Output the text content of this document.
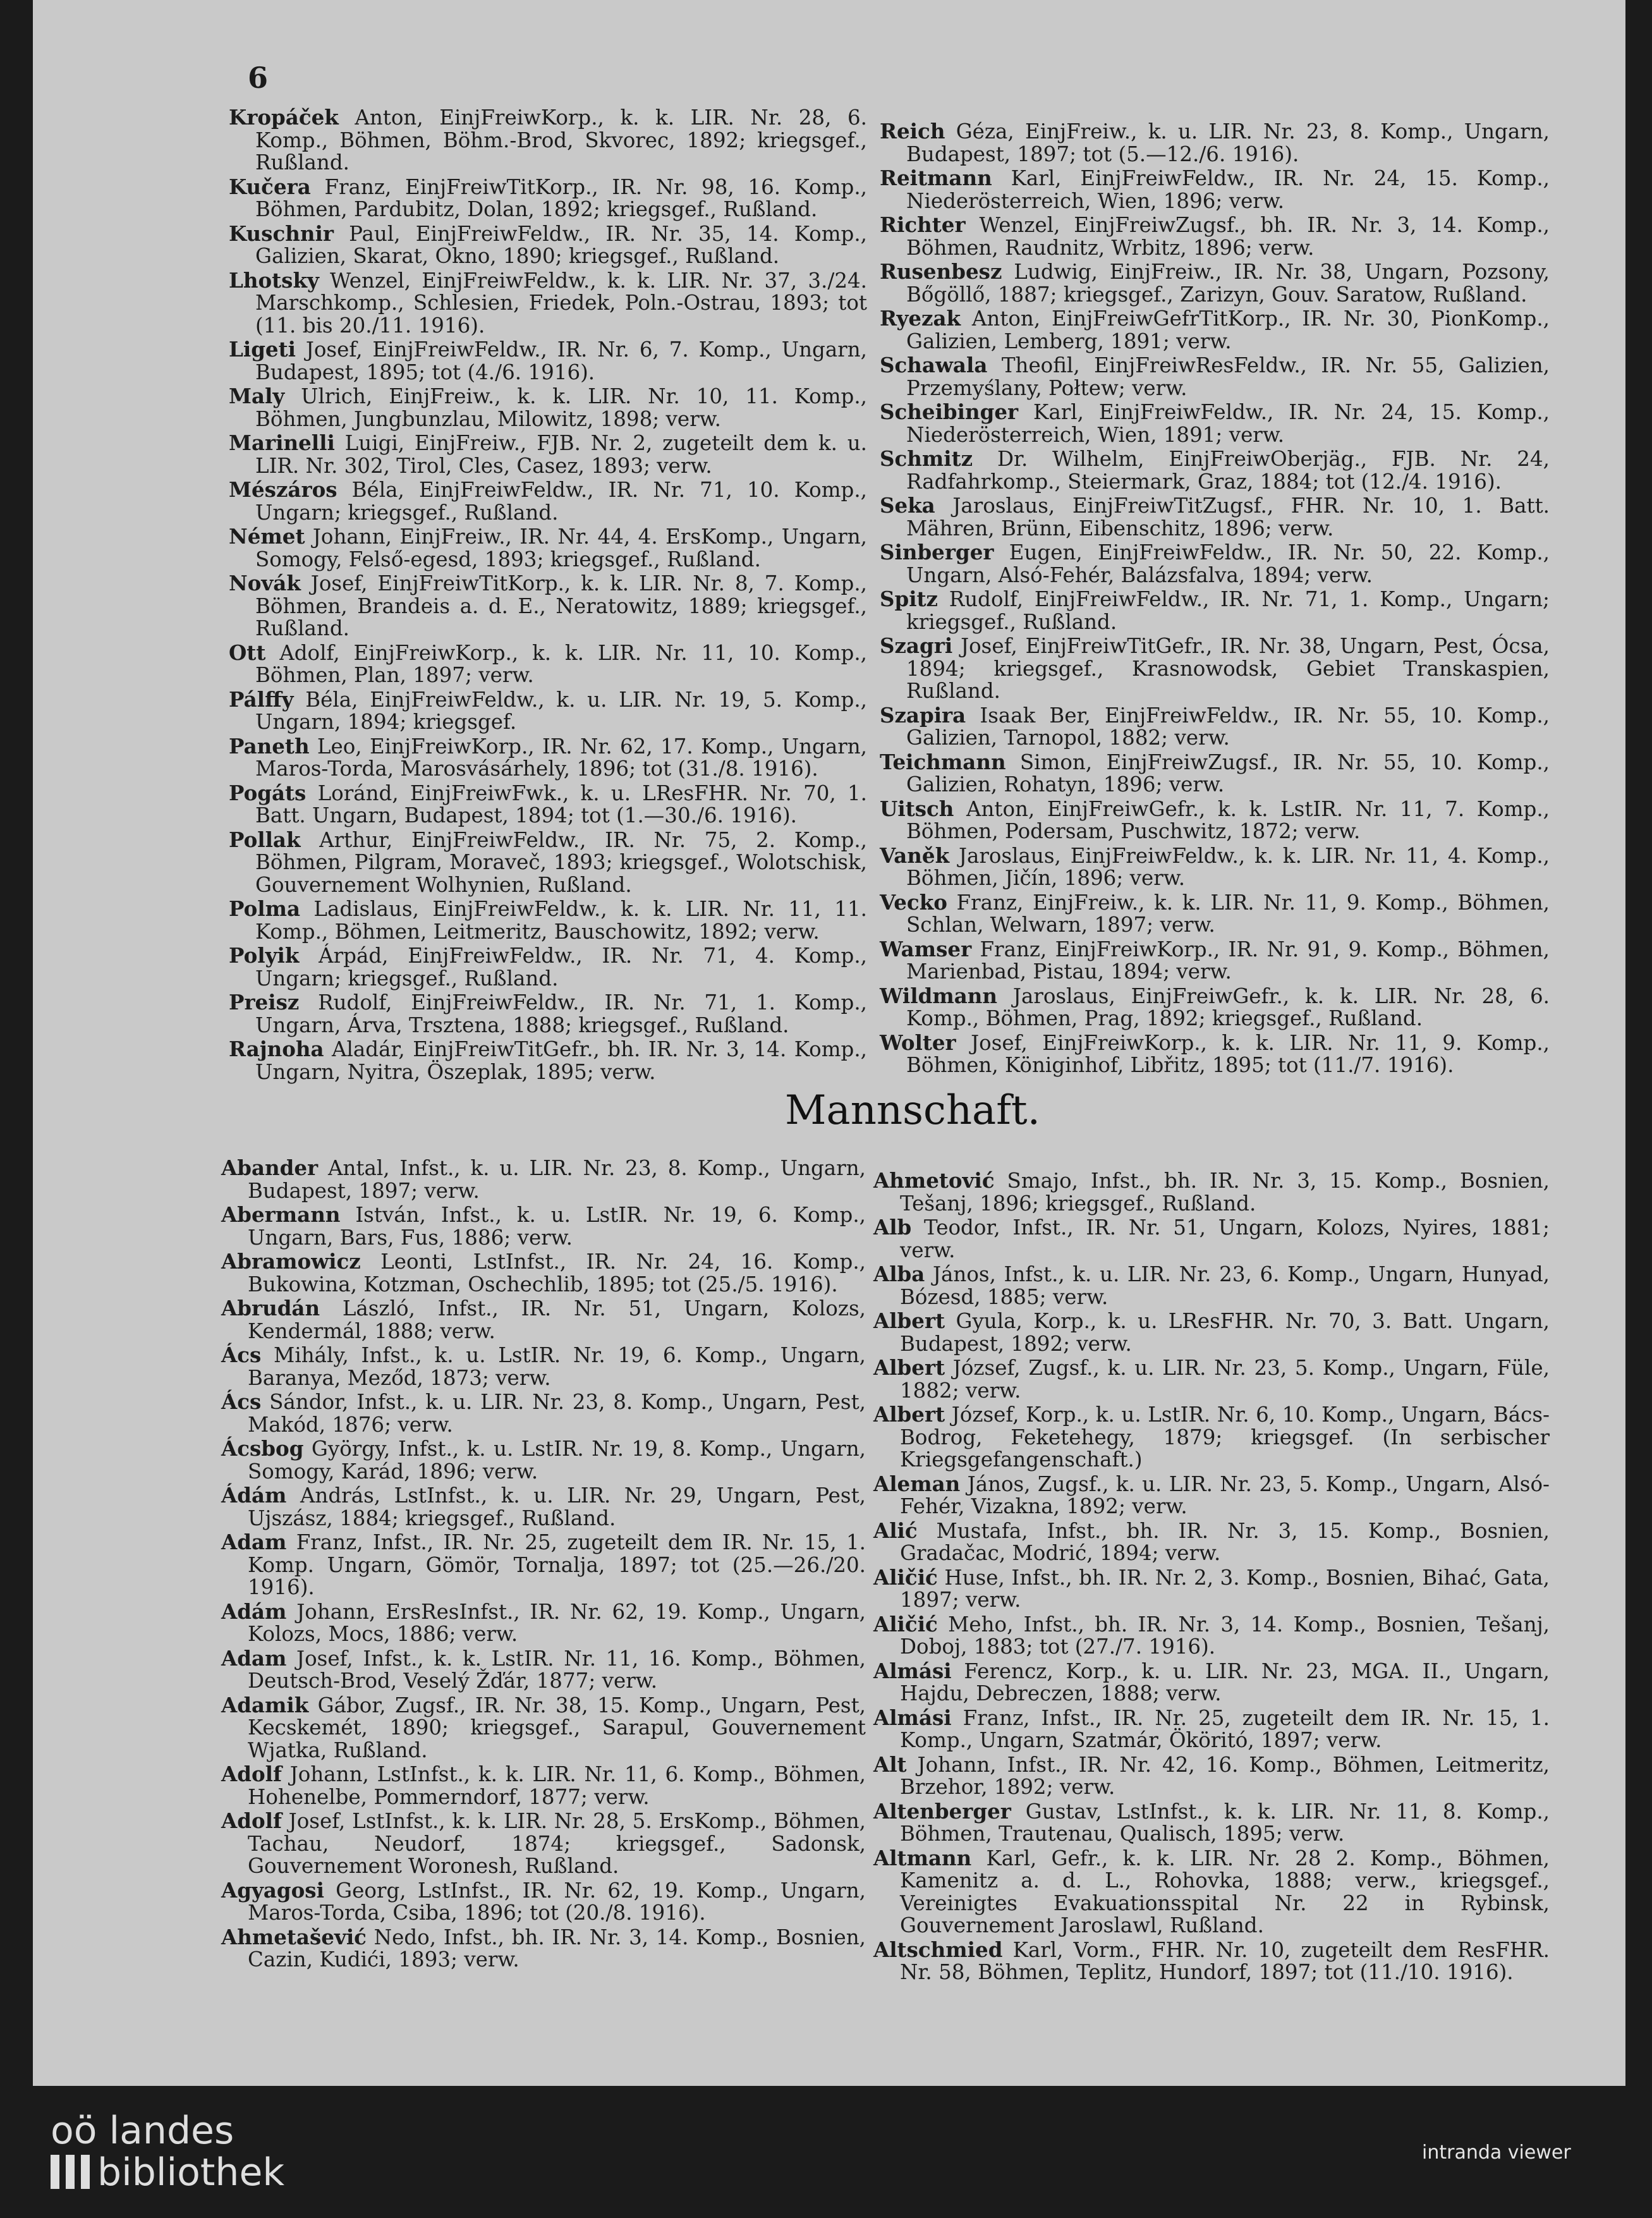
6

Kropáček Anton, EinjFreiwKorp., k. k. LIR. Nr. 28, 6. Komp., Böhmen, Böhm.-Brod, Skvorec, 1892; kriegsgef., Rußland.

Kučera Franz, EinjFreiwTitKorp., IR. Nr. 98, 16. Komp., Böhmen, Pardubitz, Dolan, 1892; kriegsgef., Rußland.

Kuschnir Paul, EinjFreiwFeldw., IR. Nr. 35, 14. Komp., Galizien, Skarat, Okno, 1890; kriegsgef., Rußland.

Lhotsky Wenzel, EinjFreiwFeldw., k. k. LIR. Nr. 37, 3./24. Marschkomp., Schlesien, Friedek, Poln.-Ostrau, 1893; tot (11. bis 20./11. 1916).

Ligeti Josef, EinjFreiwFeldw., IR. Nr. 6, 7. Komp., Ungarn, Budapest, 1895; tot (4./6. 1916).

Maly Ulrich, EinjFreiw., k. k. LIR. Nr. 10, 11. Komp., Böhmen, Jungbunzlau, Milowitz, 1898; verw.

Marinelli Luigi, EinjFreiw., FJB. Nr. 2, zugeteilt dem k. u. LIR. Nr. 302, Tirol, Cles, Casez, 1893; verw.

Mészáros Béla, EinjFreiwFeldw., IR. Nr. 71, 10. Komp., Ungarn; kriegsgef., Rußland.

Német Johann, EinjFreiw., IR. Nr. 44, 4. ErsKomp., Ungarn, Somogy, Felső-egesd, 1893; kriegsgef., Rußland.

Novák Josef, EinjFreiwTitKorp., k. k. LIR. Nr. 8, 7. Komp., Böhmen, Brandeis a. d. E., Neratowitz, 1889; kriegsgef., Rußland.

Ott Adolf, EinjFreiwKorp., k. k. LIR. Nr. 11, 10. Komp., Böhmen, Plan, 1897; verw.

Pálffy Béla, EinjFreiwFeldw., k. u. LIR. Nr. 19, 5. Komp., Ungarn, 1894; kriegsgef.

Paneth Leo, EinjFreiwKorp., IR. Nr. 62, 17. Komp., Ungarn, Maros-Torda, Marosvásárhely, 1896; tot (31./8. 1916).

Pogáts Loránd, EinjFreiwFwk., k. u. LResFHR. Nr. 70, 1. Batt. Ungarn, Budapest, 1894; tot (1.—30./6. 1916).

Pollak Arthur, EinjFreiwFeldw., IR. Nr. 75, 2. Komp., Böhmen, Pilgram, Moraveč, 1893; kriegsgef., Wolotschisk, Gouvernement Wolhynien, Rußland.

Polma Ladislaus, EinjFreiwFeldw., k. k. LIR. Nr. 11, 11. Komp., Böhmen, Leitmeritz, Bauschowitz, 1892; verw.

Polyik Árpád, EinjFreiwFeldw., IR. Nr. 71, 4. Komp., Ungarn; kriegsgef., Rußland.

Preisz Rudolf, EinjFreiwFeldw., IR. Nr. 71, 1. Komp., Ungarn, Árva, Trsztena, 1888; kriegsgef., Rußland.

Rajnoha Aladár, EinjFreiwTitGefr., bh. IR. Nr. 3, 14. Komp., Ungarn, Nyitra, Öszeplak, 1895; verw.

Reich Géza, EinjFreiw., k. u. LIR. Nr. 23, 8. Komp., Ungarn, Budapest, 1897; tot (5.—12./6. 1916).

Reitmann Karl, EinjFreiwFeldw., IR. Nr. 24, 15. Komp., Niederösterreich, Wien, 1896; verw.

Richter Wenzel, EinjFreiwZugsf., bh. IR. Nr. 3, 14. Komp., Böhmen, Raudnitz, Wrbitz, 1896; verw.

Rusenbesz Ludwig, EinjFreiw., IR. Nr. 38, Ungarn, Pozsony, Bőgöllő, 1887; kriegsgef., Zarizyn, Gouv. Saratow, Rußland.

Ryezak Anton, EinjFreiwGefrTitKorp., IR. Nr. 30, PionKomp., Galizien, Lemberg, 1891; verw.

Schawala Theofil, EinjFreiwResFeldw., IR. Nr. 55, Galizien, Przemyślany, Połtew; verw.

Scheibinger Karl, EinjFreiwFeldw., IR. Nr. 24, 15. Komp., Niederösterreich, Wien, 1891; verw.

Schmitz Dr. Wilhelm, EinjFreiwOberjäg., FJB. Nr. 24, Radfahrkomp., Steiermark, Graz, 1884; tot (12./4. 1916).

Seka Jaroslaus, EinjFreiwTitZugsf., FHR. Nr. 10, 1. Batt. Mähren, Brünn, Eibenschitz, 1896; verw.

Sinberger Eugen, EinjFreiwFeldw., IR. Nr. 50, 22. Komp., Ungarn, Alsó-Fehér, Balázsfalva, 1894; verw.

Spitz Rudolf, EinjFreiwFeldw., IR. Nr. 71, 1. Komp., Ungarn; kriegsgef., Rußland.

Szagri Josef, EinjFreiwTitGefr., IR. Nr. 38, Ungarn, Pest, Ócsa, 1894; kriegsgef., Krasnowodsk, Gebiet Transkaspien, Rußland.

Szapira Isaak Ber, EinjFreiwFeldw., IR. Nr. 55, 10. Komp., Galizien, Tarnopol, 1882; verw.

Teichmann Simon, EinjFreiwZugsf., IR. Nr. 55, 10. Komp., Galizien, Rohatyn, 1896; verw.

Uitsch Anton, EinjFreiwGefr., k. k. LstIR. Nr. 11, 7. Komp., Böhmen, Podersam, Puschwitz, 1872; verw.

Vaněk Jaroslaus, EinjFreiwFeldw., k. k. LIR. Nr. 11, 4. Komp., Böhmen, Jičín, 1896; verw.

Vecko Franz, EinjFreiw., k. k. LIR. Nr. 11, 9. Komp., Böhmen, Schlan, Welwarn, 1897; verw.

Wamser Franz, EinjFreiwKorp., IR. Nr. 91, 9. Komp., Böhmen, Marienbad, Pistau, 1894; verw.

Wildmann Jaroslaus, EinjFreiwGefr., k. k. LIR. Nr. 28, 6. Komp., Böhmen, Prag, 1892; kriegsgef., Rußland.

Wolter Josef, EinjFreiwKorp., k. k. LIR. Nr. 11, 9. Komp., Böhmen, Königinhof, Libřitz, 1895; tot (11./7. 1916).

Mannschaft.

Abander Antal, Infst., k. u. LIR. Nr. 23, 8. Komp., Ungarn, Budapest, 1897; verw.

Abermann István, Infst., k. u. LstIR. Nr. 19, 6. Komp., Ungarn, Bars, Fus, 1886; verw.

Abramowicz Leonti, LstInfst., IR. Nr. 24, 16. Komp., Bukowina, Kotzman, Oschechlib, 1895; tot (25./5. 1916).

Abrudán László, Infst., IR. Nr. 51, Ungarn, Kolozs, Kendermál, 1888; verw.

Ács Mihály, Infst., k. u. LstIR. Nr. 19, 6. Komp., Ungarn, Baranya, Meződ, 1873; verw.

Ács Sándor, Infst., k. u. LIR. Nr. 23, 8. Komp., Ungarn, Pest, Makód, 1876; verw.

Ácsbog György, Infst., k. u. LstIR. Nr. 19, 8. Komp., Ungarn, Somogy, Karád, 1896; verw.

Ádám András, LstInfst., k. u. LIR. Nr. 29, Ungarn, Pest, Ujszász, 1884; kriegsgef., Rußland.

Adam Franz, Infst., IR. Nr. 25, zugeteilt dem IR. Nr. 15, 1. Komp. Ungarn, Gömör, Tornalja, 1897; tot (25.—26./20. 1916).

Adám Johann, ErsResInfst., IR. Nr. 62, 19. Komp., Ungarn, Kolozs, Mocs, 1886; verw.

Adam Josef, Infst., k. k. LstIR. Nr. 11, 16. Komp., Böhmen, Deutsch-Brod, Veselý Žďár, 1877; verw.

Adamik Gábor, Zugsf., IR. Nr. 38, 15. Komp., Ungarn, Pest, Kecskemét, 1890; kriegsgef., Sarapul, Gouvernement Wjatka, Rußland.

Adolf Johann, LstInfst., k. k. LIR. Nr. 11, 6. Komp., Böhmen, Hohenelbe, Pommerndorf, 1877; verw.

Adolf Josef, LstInfst., k. k. LIR. Nr. 28, 5. ErsKomp., Böhmen, Tachau, Neudorf, 1874; kriegsgef., Sadonsk, Gouvernement Woronesh, Rußland.

Agyagosi Georg, LstInfst., IR. Nr. 62, 19. Komp., Ungarn, Maros-Torda, Csiba, 1896; tot (20./8. 1916).

Ahmetašević Nedo, Infst., bh. IR. Nr. 3, 14. Komp., Bosnien, Cazin, Kudići, 1893; verw.

Ahmetović Smajo, Infst., bh. IR. Nr. 3, 15. Komp., Bosnien, Tešanj, 1896; kriegsgef., Rußland.

Alb Teodor, Infst., IR. Nr. 51, Ungarn, Kolozs, Nyires, 1881; verw.

Alba János, Infst., k. u. LIR. Nr. 23, 6. Komp., Ungarn, Hunyad, Bózesd, 1885; verw.

Albert Gyula, Korp., k. u. LResFHR. Nr. 70, 3. Batt. Ungarn, Budapest, 1892; verw.

Albert József, Zugsf., k. u. LIR. Nr. 23, 5. Komp., Ungarn, Füle, 1882; verw.

Albert József, Korp., k. u. LstIR. Nr. 6, 10. Komp., Ungarn, Bács-Bodrog, Feketehegy, 1879; kriegsgef. (In serbischer Kriegsgefangenschaft.)

Aleman János, Zugsf., k. u. LIR. Nr. 23, 5. Komp., Ungarn, Alsó-Fehér, Vizakna, 1892; verw.

Alić Mustafa, Infst., bh. IR. Nr. 3, 15. Komp., Bosnien, Gradačac, Modrić, 1894; verw.

Aličić Huse, Infst., bh. IR. Nr. 2, 3. Komp., Bosnien, Bihać, Gata, 1897; verw.

Aličić Meho, Infst., bh. IR. Nr. 3, 14. Komp., Bosnien, Tešanj, Doboj, 1883; tot (27./7. 1916).

Almási Ferencz, Korp., k. u. LIR. Nr. 23, MGA. II., Ungarn, Hajdu, Debreczen, 1888; verw.

Almási Franz, Infst., IR. Nr. 25, zugeteilt dem IR. Nr. 15, 1. Komp., Ungarn, Szatmár, Ököritó, 1897; verw.

Alt Johann, Infst., IR. Nr. 42, 16. Komp., Böhmen, Leitmeritz, Brzehor, 1892; verw.

Altenberger Gustav, LstInfst., k. k. LIR. Nr. 11, 8. Komp., Böhmen, Trautenau, Qualisch, 1895; verw.

Altmann Karl, Gefr., k. k. LIR. Nr. 28 2. Komp., Böhmen, Kamenitz a. d. L., Rohovka, 1888; verw., kriegsgef., Vereinigtes Evakuationsspital Nr. 22 in Rybinsk, Gouvernement Jaroslawl, Rußland.

Altschmied Karl, Vorm., FHR. Nr. 10, zugeteilt dem ResFHR. Nr. 58, Böhmen, Teplitz, Hundorf, 1897; tot (11./10. 1916).

oö landes
bibliothek	intranda viewer
